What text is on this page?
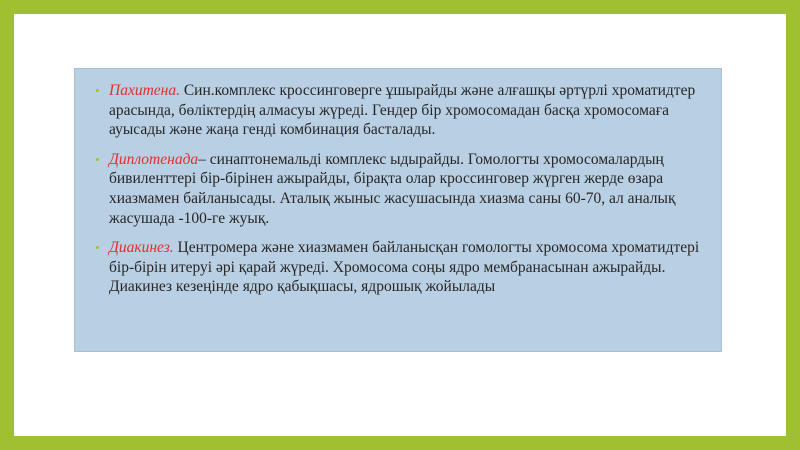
• Пахитена. Син.комплекс кроссинговерге ұшырайды және алғашқы әртүрлі хроматидтер арасында, бөліктердің алмасуы жүреді. Гендер бір хромосомадан басқа хромосомаға ауысады және жаңа генді комбинация басталады.

• Диплотенада– синаптонемальді комплекс ыдырайды. Гомологты хромосомалардың бивиленттері бір-бірінен ажырайды, бірақта олар кроссинговер жүрген жерде өзара хиазмамен байланысады. Аталық жыныс жасушасында хиазма саны 60-70, ал аналық жасушада -100-ге жуық.

• Диакинез. Центромера және хиазмамен байланысқан гомологты хромосома хроматидтері бір-бірін итеруі әрі қарай жүреді. Хромосома соңы ядро мембранасынан ажырайды. Диакинез кезеңінде ядро қабықшасы, ядрошық жойылады
